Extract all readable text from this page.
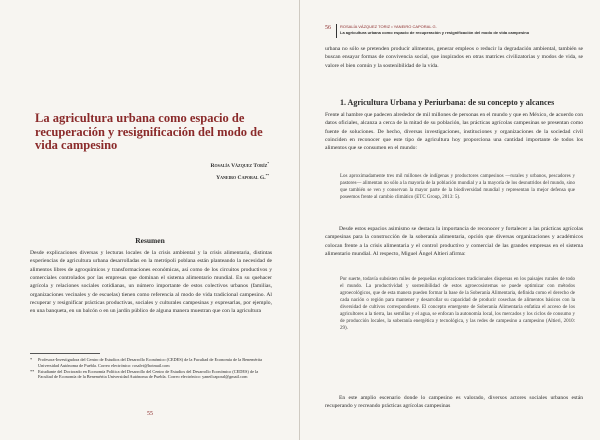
La agricultura urbana como espacio de recuperación y resignificación del modo de vida campesino
Rosalía Vázquez Toríz*
Yaneiro Caporal G.**
Resumen

Desde explicaciones diversas y lecturas locales de la crisis ambiental y la crisis alimentaria, distintas experiencias de agricultura urbana desarrolladas en la metrópoli poblana están planteando la necesidad de alimentos libres de agroquímicos y transformaciones económicas, así como de los circuitos productivos y comerciales controlados por las empresas que dominan el sistema alimentario mundial. En su quehacer agrícola y relaciones sociales cotidianas, un número importante de estos colectivos urbanos (familias, organizaciones vecinales y de escuelas) tienen como referencia al modo de vida tradicional campesino. Al recuperar y resignificar prácticas productivas, sociales y culturales campesinas y expresarlas, por ejemplo, en una banqueta, en un balcón o en un jardín público de alguna manera muestran que con la agricultura

*	Profesora-Investigadora del Centro de Estudios del Desarrollo Económico (CEDES) de la Facultad de Economía de la Benemérita Universidad Autónoma de Puebla. Correo electrónico: rosalvt@hotmail.com
** Estudiante del Doctorado en Economía Política del Desarrollo del Centro de Estudios del Desarrollo Económico (CEDES) de la Facultad de Economía de la Benemérita Universidad Autónoma de Puebla. Correo electrónico: yaneilcaporal@gmail.com
55
56 ROSALÍA VÁZQUEZ TORIZ • YANEIRO CAPORAL G.
La agricultura urbana como espacio de recuperación y resignificación del modo de vida campesino

urbana no sólo se pretenden producir alimentos, generar empleos o reducir la degradación ambiental, también se buscan ensayar formas de convivencia social, que inspirados en otras matrices civilizatorias y modos de vida, se valore el bien común y la sostenibilidad de la vida.

1. Agricultura Urbana y Periurbana: de su concepto y alcances

Frente al hambre que padecen alrededor de mil millones de personas en el mundo y que en México, de acuerdo con datos oficiales, alcanza a cerca de la mitad de su población, las prácticas agrícolas campesinas se presentan como fuente de soluciones. De hecho, diversas investigaciones, instituciones y organizaciones de la sociedad civil coinciden en reconocer que este tipo de agricultura hoy proporciona una cantidad importante de todos los alimentos que se consumen en el mundo:

Los aproximadamente tres mil millones de indígenas y productores campesinos —rurales y urbanos, pescadores y pastores— alimentan no sólo a la mayoría de la población mundial y a la mayoría de los desnutridos del mundo, sino que también se ven y conservan la mayor parte de la biodiversidad mundial y representan la mejor defensa que poseemos frente al cambio climático (ETC Group, 2013: 5).

Desde estos espacios asimismo se destaca la importancia de reconocer y fortalecer a las prácticas agrícolas campesinas para la construcción de la soberanía alimentaria, opción que diversas organizaciones y académicos colocan frente a la crisis alimentaria y el control productivo y comercial de las grandes empresas en el sistema alimentario mundial. Al respecto, Miguel Ángel Altieri afirma:

Por suerte, todavía subsisten miles de pequeñas explotaciones tradicionales dispersas en los paisajes rurales de todo el mundo. La productividad y sostenibilidad de estos agroecosistemas se puede optimizar con métodos agroecológicos, que de esta manera pueden formar la base de la Soberanía Alimentaria, definida como el derecho de cada nación o región para mantener y desarrollar su capacidad de producir cosechas de alimentos básicos con la diversidad de cultivos correspondiente. El concepto emergente de Soberanía Alimentaria enfatiza el acceso de los agricultores a la tierra, las semillas y el agua, se enfocan la autonomía local, los mercados y los ciclos de consumo y de producción locales, la soberanía energética y tecnológica, y las redes de campesino a campesino (Altieri, 2010: 29).

En este amplio escenario donde lo campesino es valorado, diversos actores sociales urbanos están recuperando y recreando prácticas agrícolas campesinas
